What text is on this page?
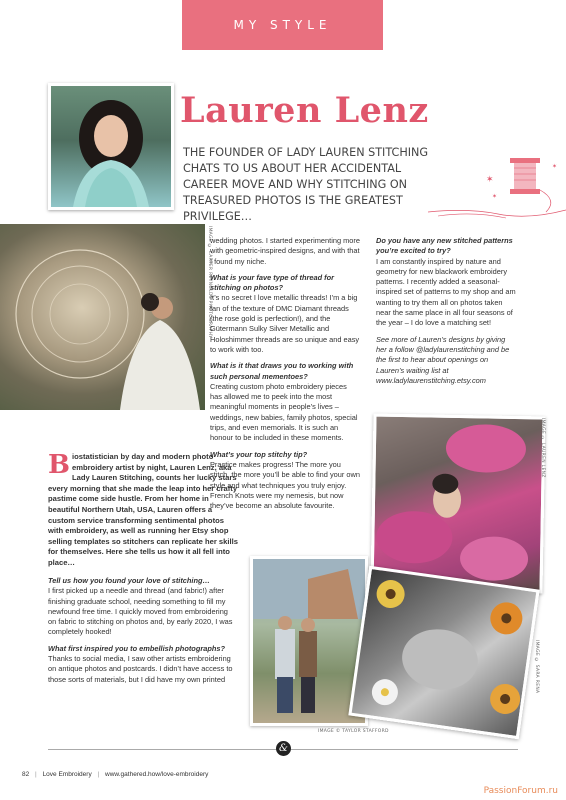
MY STYLE
Lauren Lenz
THE FOUNDER OF LADY LAUREN STITCHING CHATS TO US ABOUT HER ACCIDENTAL CAREER MOVE AND WHY STITCHING ON TREASURED PHOTOS IS THE GREATEST PRIVILEGE…
✶
✶
✶
IMAGE © CARTER REYNOLDS PHOTOGRAPHY
Biostatistician by day and modern photo embroidery artist by night, Lauren Lenz, aka Lady Lauren Stitching, counts her lucky stars every morning that she made the leap into her crafty pastime come side hustle. From her home in beautiful Northern Utah, USA, Lauren offers a custom service transforming sentimental photos with embroidery, as well as running her Etsy shop selling templates so stitchers can replicate her skills for themselves. Here she tells us how it all fell into place…

Tell us how you found your love of stitching…

I first picked up a needle and thread (and fabric!) after finishing graduate school, needing something to fill my newfound free time. I quickly moved from embroidering on fabric to stitching on photos and, by early 2020, I was completely hooked!

What first inspired you to embellish photographs?

Thanks to social media, I saw other artists embroidering on antique photos and postcards. I didn’t have access to those sorts of materials, but I did have my own printed

wedding photos. I started experimenting more with geometric-inspired designs, and with that I found my niche.

What is your fave type of thread for stitching on photos?

It’s no secret I love metallic threads! I’m a big fan of the texture of DMC Diamant threads (the rose gold is perfection!), and the Gütermann Sulky Silver Metallic and Holoshimmer threads are so unique and easy to work with too.

What is it that draws you to working with such personal mementoes?

Creating custom photo embroidery pieces has allowed me to peek into the most meaningful moments in people’s lives – weddings, new babies, family photos, special trips, and even memorials. It is such an honour to be included in these moments.

What’s your top stitchy tip?

Practice makes progress! The more you stitch, the more you’ll be able to find your own style and what techniques you truly enjoy. French Knots were my nemesis, but now they’ve become an absolute favourite.

Do you have any new stitched patterns you’re excited to try?

I am constantly inspired by nature and geometry for new blackwork embroidery patterns. I recently added a seasonal-inspired set of patterns to my shop and am wanting to try them all on photos taken near the same place in all four seasons of the year – I do love a matching set!

See more of Lauren’s designs by giving her a follow @ladylaurenstitching and be the first to hear about openings on Lauren’s waiting list at www.ladylaurenstitching.etsy.com

IMAGE © LAUREN LENZ
IMAGE © TAYLOR STAFFORD
IMAGE © SARA RENA
&
82 | Love Embroidery | www.gathered.how/love-embroidery
PassionForum.ru
